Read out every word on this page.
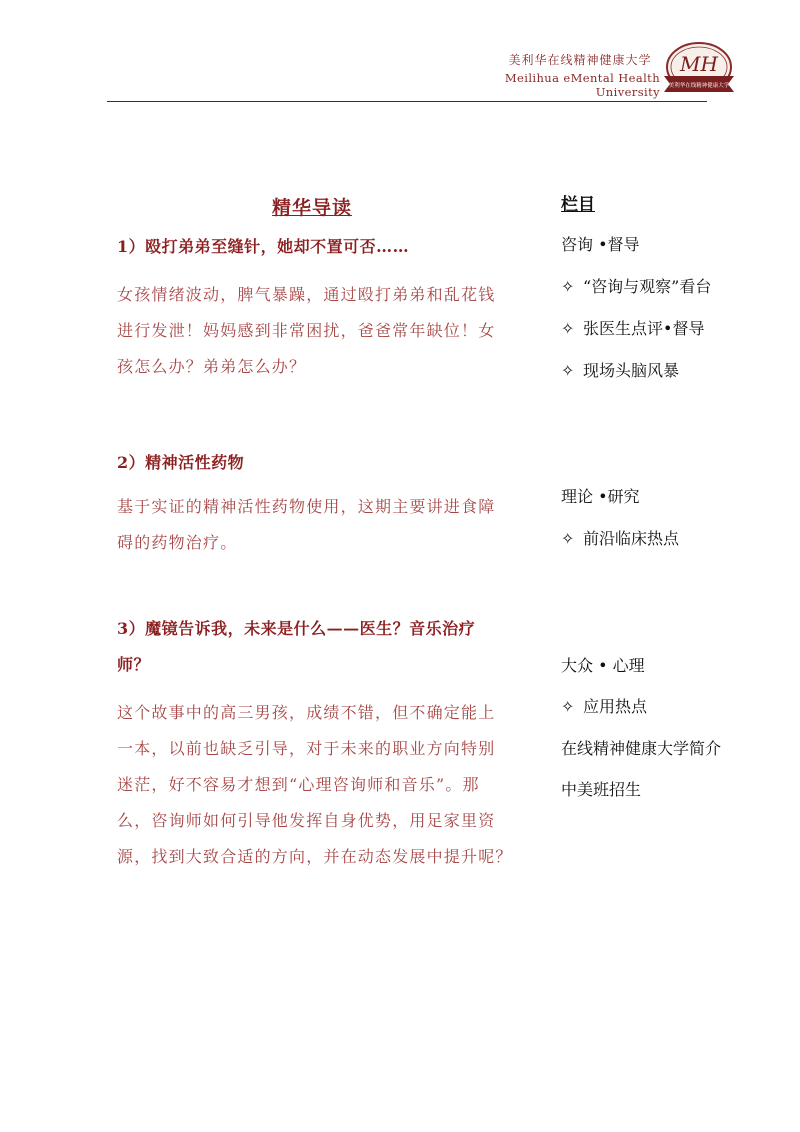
美利华在线精神健康大学
Meilihua eMental Health University
MH
美利华在线精神健康大学
精华导读
1）殴打弟弟至缝针，她却不置可否……
女孩情绪波动，脾气暴躁，通过殴打弟弟和乱花钱
进行发泄！妈妈感到非常困扰，爸爸常年缺位！女
孩怎么办？弟弟怎么办？
2）精神活性药物
基于实证的精神活性药物使用，这期主要讲进食障
碍的药物治疗。
3）魔镜告诉我，未来是什么——医生？音乐治疗
师？
这个故事中的高三男孩，成绩不错，但不确定能上
一本，以前也缺乏引导，对于未来的职业方向特别
迷茫，好不容易才想到“心理咨询师和音乐”。那
么，咨询师如何引导他发挥自身优势，用足家里资
源，找到大致合适的方向，并在动态发展中提升呢？
栏目
咨询 •督导
✧ “咨询与观察”看台
✧ 张医生点评•督导
✧ 现场头脑风暴
理论 •研究
✧ 前沿临床热点
大众 • 心理
✧ 应用热点
在线精神健康大学简介
中美班招生
